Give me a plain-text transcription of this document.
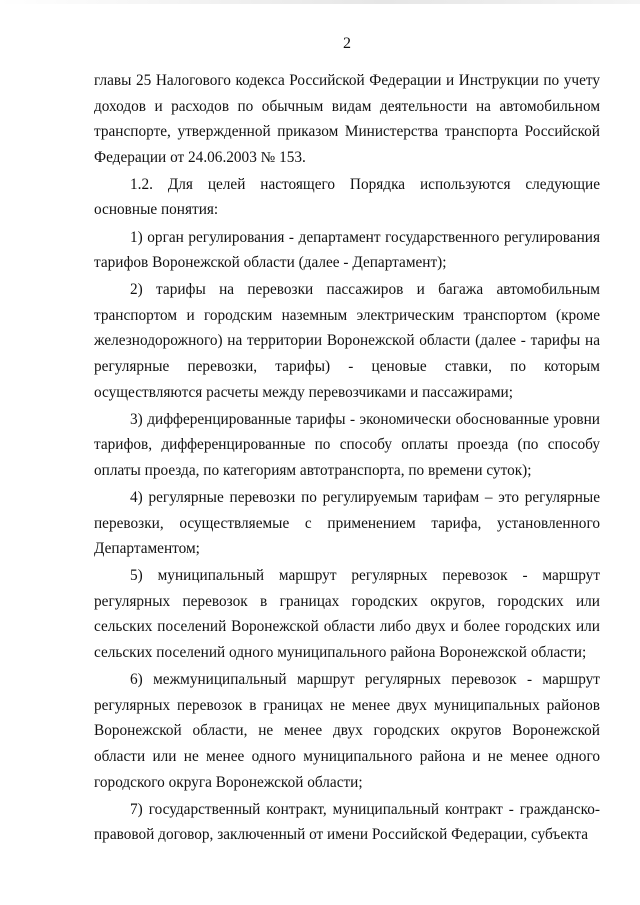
2

главы 25 Налогового кодекса Российской Федерации и Инструкции по учету доходов и расходов по обычным видам деятельности на автомобильном транспорте, утвержденной приказом Министерства транспорта Российской Федерации от 24.06.2003 № 153.

1.2. Для целей настоящего Порядка используются следующие основные понятия:

1) орган регулирования - департамент государственного регулирования тарифов Воронежской области (далее - Департамент);

2) тарифы на перевозки пассажиров и багажа автомобильным транспортом и городским наземным электрическим транспортом (кроме железнодорожного) на территории Воронежской области (далее - тарифы на регулярные перевозки, тарифы) - ценовые ставки, по которым осуществляются расчеты между перевозчиками и пассажирами;

3) дифференцированные тарифы - экономически обоснованные уровни тарифов, дифференцированные по способу оплаты проезда (по способу оплаты проезда, по категориям автотранспорта, по времени суток);

4) регулярные перевозки по регулируемым тарифам – это регулярные перевозки, осуществляемые с применением тарифа, установленного Департаментом;

5) муниципальный маршрут регулярных перевозок - маршрут регулярных перевозок в границах городских округов, городских или сельских поселений Воронежской области либо двух и более городских или сельских поселений одного муниципального района Воронежской области;

6) межмуниципальный маршрут регулярных перевозок - маршрут регулярных перевозок в границах не менее двух муниципальных районов Воронежской области, не менее двух городских округов Воронежской области или не менее одного муниципального района и не менее одного городского округа Воронежской области;

7) государственный контракт, муниципальный контракт - гражданско-правовой договор, заключенный от имени Российской Федерации, субъекта
